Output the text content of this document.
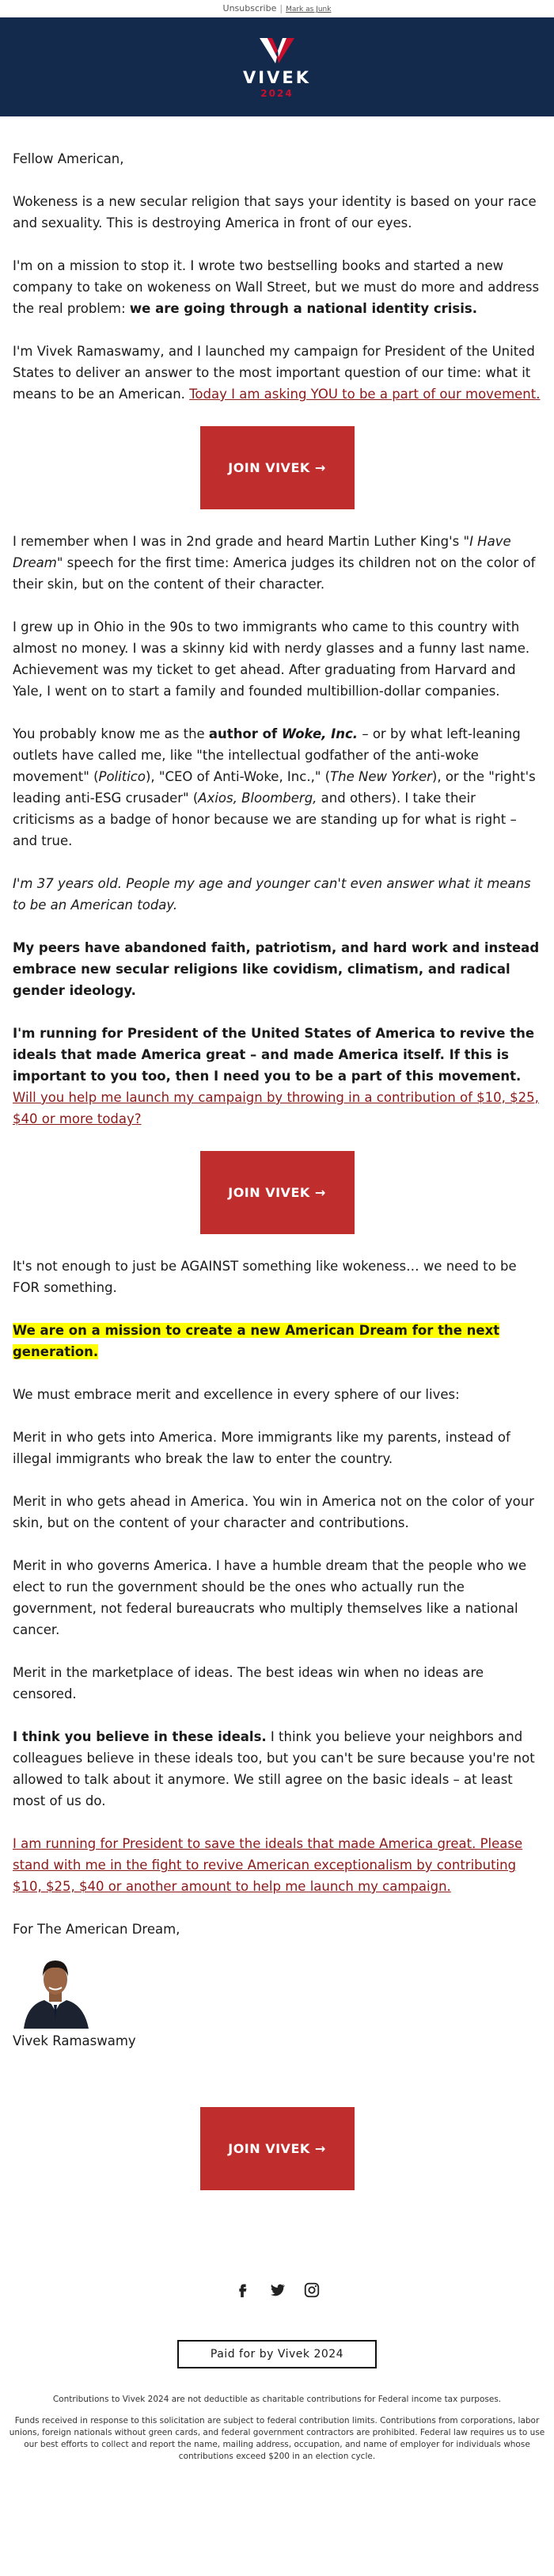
Unsubscribe | Mark as Junk
VIVEK
2024

Fellow American,

Wokeness is a new secular religion that says your identity is based on your race and sexuality. This is destroying America in front of our eyes.

I'm on a mission to stop it. I wrote two bestselling books and started a new company to take on wokeness on Wall Street, but we must do more and address the real problem: we are going through a national identity crisis.

I'm Vivek Ramaswamy, and I launched my campaign for President of the United States to deliver an answer to the most important question of our time: what it means to be an American. Today I am asking YOU to be a part of our movement.

JOIN VIVEK →

I remember when I was in 2nd grade and heard Martin Luther King's "I Have Dream" speech for the first time: America judges its children not on the color of their skin, but on the content of their character.

I grew up in Ohio in the 90s to two immigrants who came to this country with almost no money. I was a skinny kid with nerdy glasses and a funny last name. Achievement was my ticket to get ahead. After graduating from Harvard and Yale, I went on to start a family and founded multibillion-dollar companies.

You probably know me as the author of Woke, Inc. – or by what left-leaning outlets have called me, like "the intellectual godfather of the anti-woke movement" (Politico), "CEO of Anti-Woke, Inc.," (The New Yorker), or the "right's leading anti-ESG crusader" (Axios, Bloomberg, and others). I take their criticisms as a badge of honor because we are standing up for what is right – and true.

I'm 37 years old. People my age and younger can't even answer what it means to be an American today.

My peers have abandoned faith, patriotism, and hard work and instead embrace new secular religions like covidism, climatism, and radical gender ideology.

I'm running for President of the United States of America to revive the ideals that made America great – and made America itself. If this is important to you too, then I need you to be a part of this movement. Will you help me launch my campaign by throwing in a contribution of $10, $25, $40 or more today?

JOIN VIVEK →

It's not enough to just be AGAINST something like wokeness… we need to be FOR something.

We are on a mission to create a new American Dream for the next generation.

We must embrace merit and excellence in every sphere of our lives:

Merit in who gets into America. More immigrants like my parents, instead of illegal immigrants who break the law to enter the country.

Merit in who gets ahead in America. You win in America not on the color of your skin, but on the content of your character and contributions.

Merit in who governs America. I have a humble dream that the people who we elect to run the government should be the ones who actually run the government, not federal bureaucrats who multiply themselves like a national cancer.

Merit in the marketplace of ideas. The best ideas win when no ideas are censored.

I think you believe in these ideals. I think you believe your neighbors and colleagues believe in these ideals too, but you can't be sure because you're not allowed to talk about it anymore. We still agree on the basic ideals – at least most of us do.

I am running for President to save the ideals that made America great. Please stand with me in the fight to revive American exceptionalism by contributing $10, $25, $40 or another amount to help me launch my campaign.

For The American Dream,
Vivek Ramaswamy
JOIN VIVEK →
Paid for by Vivek 2024
Contributions to Vivek 2024 are not deductible as charitable contributions for Federal income tax purposes.
Funds received in response to this solicitation are subject to federal contribution limits. Contributions from corporations, labor unions, foreign nationals without green cards, and federal government contractors are prohibited. Federal law requires us to use our best efforts to collect and report the name, mailing address, occupation, and name of employer for individuals whose contributions exceed $200 in an election cycle.
